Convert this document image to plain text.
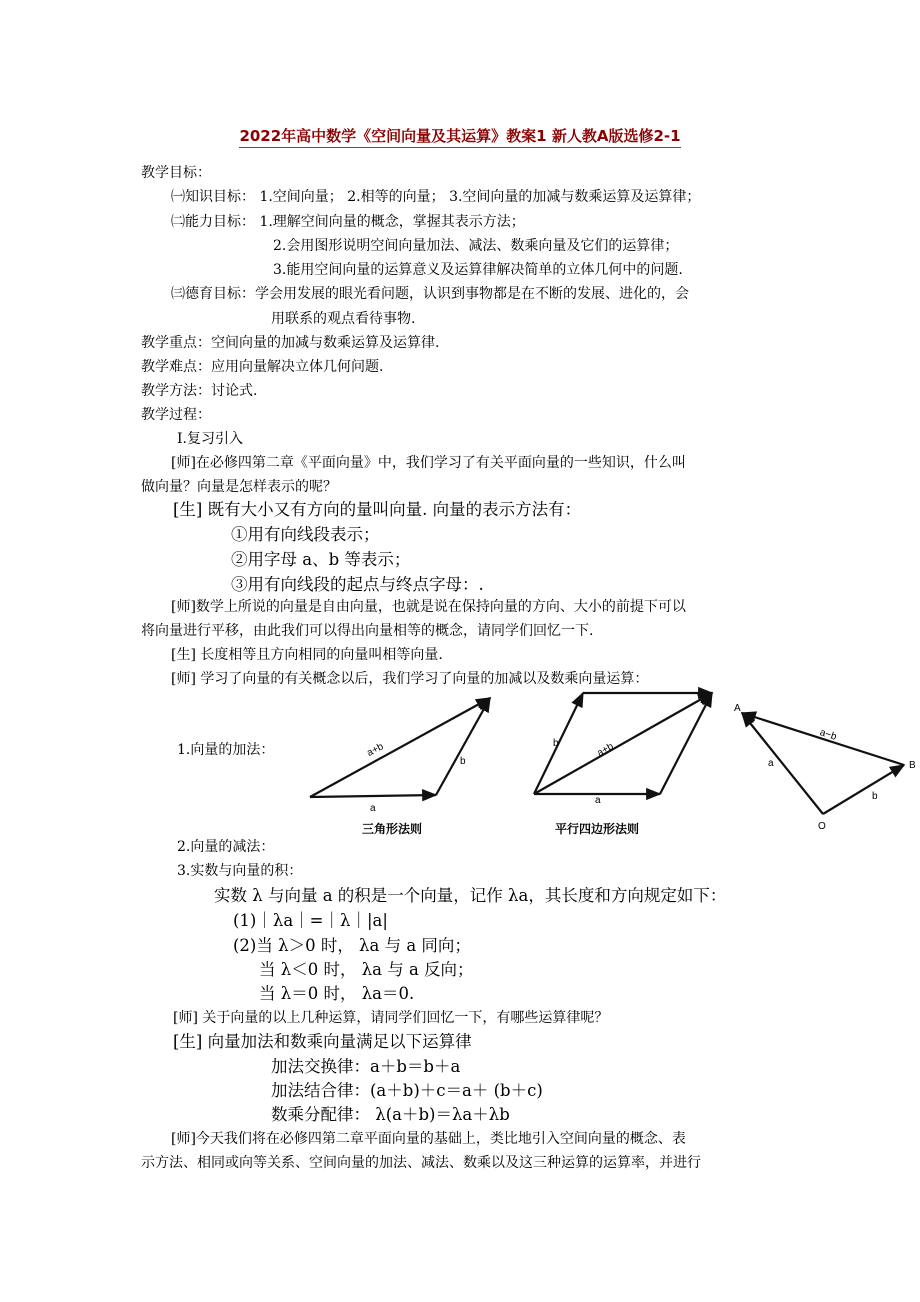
2022年高中数学《空间向量及其运算》教案1 新人教A版选修2-1
教学目标：
㈠知识目标： 1.空间向量； 2.相等的向量； 3.空间向量的加减与数乘运算及运算律；
㈡能力目标： 1.理解空间向量的概念，掌握其表示方法；
2.会用图形说明空间向量加法、减法、数乘向量及它们的运算律；
3.能用空间向量的运算意义及运算律解决简单的立体几何中的问题.
㈢德育目标：学会用发展的眼光看问题，认识到事物都是在不断的发展、进化的，会
用联系的观点看待事物.
教学重点：空间向量的加减与数乘运算及运算律.
教学难点：应用向量解决立体几何问题.
教学方法：讨论式.
教学过程：
Ⅰ.复习引入
[师]在必修四第二章《平面向量》中，我们学习了有关平面向量的一些知识，什么叫
做向量？向量是怎样表示的呢？
[生] 既有大小又有方向的量叫向量. 向量的表示方法有：
①用有向线段表示；
②用字母 a、b 等表示；
③用有向线段的起点与终点字母：.
[师]数学上所说的向量是自由向量，也就是说在保持向量的方向、大小的前提下可以
将向量进行平移，由此我们可以得出向量相等的概念，请同学们回忆一下.
[生] 长度相等且方向相同的向量叫相等向量.
[师] 学习了向量的有关概念以后，我们学习了向量的加减以及数乘向量运算：
1.向量的加法：	a+b
b
a
b	a+b
a
A
B
O
a−b
a
b
三角形法则	平行四边形法则
2.向量的减法：
3.实数与向量的积：
实数 λ 与向量 a 的积是一个向量，记作 λa，其长度和方向规定如下：
(1)｜λa｜=｜λ｜|a|
(2)当 λ＞0 时， λa 与 a 同向；
当 λ＜0 时， λa 与 a 反向；
当 λ＝0 时， λa＝0.
[师] 关于向量的以上几种运算，请同学们回忆一下，有哪些运算律呢？
[生] 向量加法和数乘向量满足以下运算律
加法交换律：a＋b＝b＋a
加法结合律：(a＋b)＋c＝a＋ (b＋c)
数乘分配律： λ(a＋b)＝λa＋λb
[师]今天我们将在必修四第二章平面向量的基础上，类比地引入空间向量的概念、表
示方法、相同或向等关系、空间向量的加法、减法、数乘以及这三种运算的运算率，并进行
